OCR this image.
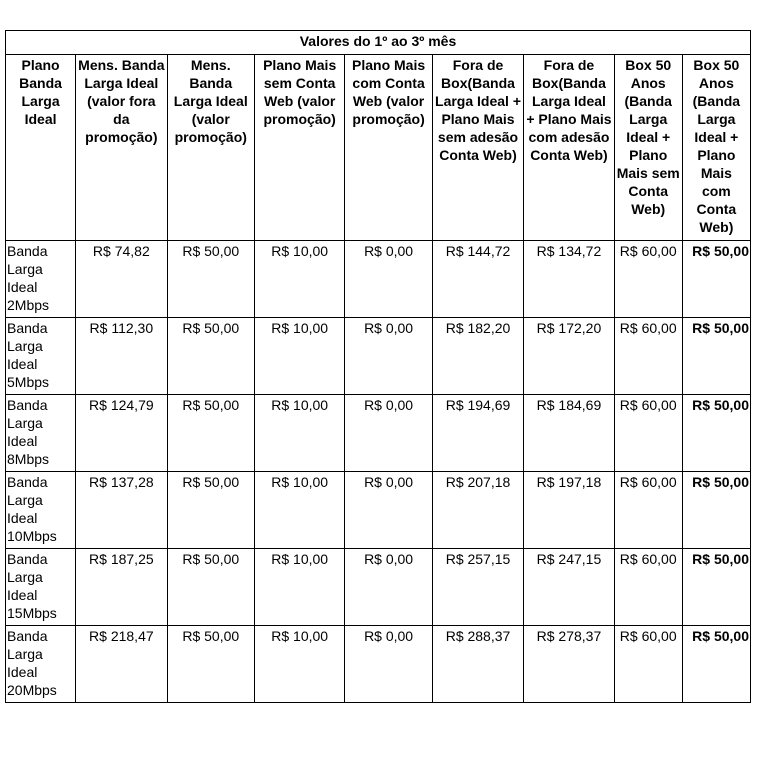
Valores do 1º ao 3º mês								
Plano Banda Larga Ideal	Mens. Banda Larga Ideal (valor fora da promoção)	Mens. Banda Larga Ideal (valor promoção)	Plano Mais sem Conta Web (valor promoção)	Plano Mais com Conta Web (valor promoção)	Fora de Box(Banda Larga Ideal + Plano Mais sem adesão Conta Web)	Fora de Box(Banda Larga Ideal + Plano Mais com adesão Conta Web)	Box 50 Anos (Banda Larga Ideal + Plano Mais sem Conta Web)	Box 50 Anos (Banda Larga Ideal + Plano Mais com Conta Web)
Banda Larga Ideal 2Mbps	R$ 74,82	R$ 50,00	R$ 10,00	R$ 0,00	R$ 144,72	R$ 134,72	R$ 60,00	R$ 50,00
Banda Larga Ideal 5Mbps	R$ 112,30	R$ 50,00	R$ 10,00	R$ 0,00	R$ 182,20	R$ 172,20	R$ 60,00	R$ 50,00
Banda Larga Ideal 8Mbps	R$ 124,79	R$ 50,00	R$ 10,00	R$ 0,00	R$ 194,69	R$ 184,69	R$ 60,00	R$ 50,00
Banda Larga Ideal 10Mbps	R$ 137,28	R$ 50,00	R$ 10,00	R$ 0,00	R$ 207,18	R$ 197,18	R$ 60,00	R$ 50,00
Banda Larga Ideal 15Mbps	R$ 187,25	R$ 50,00	R$ 10,00	R$ 0,00	R$ 257,15	R$ 247,15	R$ 60,00	R$ 50,00
Banda Larga Ideal 20Mbps	R$ 218,47	R$ 50,00	R$ 10,00	R$ 0,00	R$ 288,37	R$ 278,37	R$ 60,00	R$ 50,00
